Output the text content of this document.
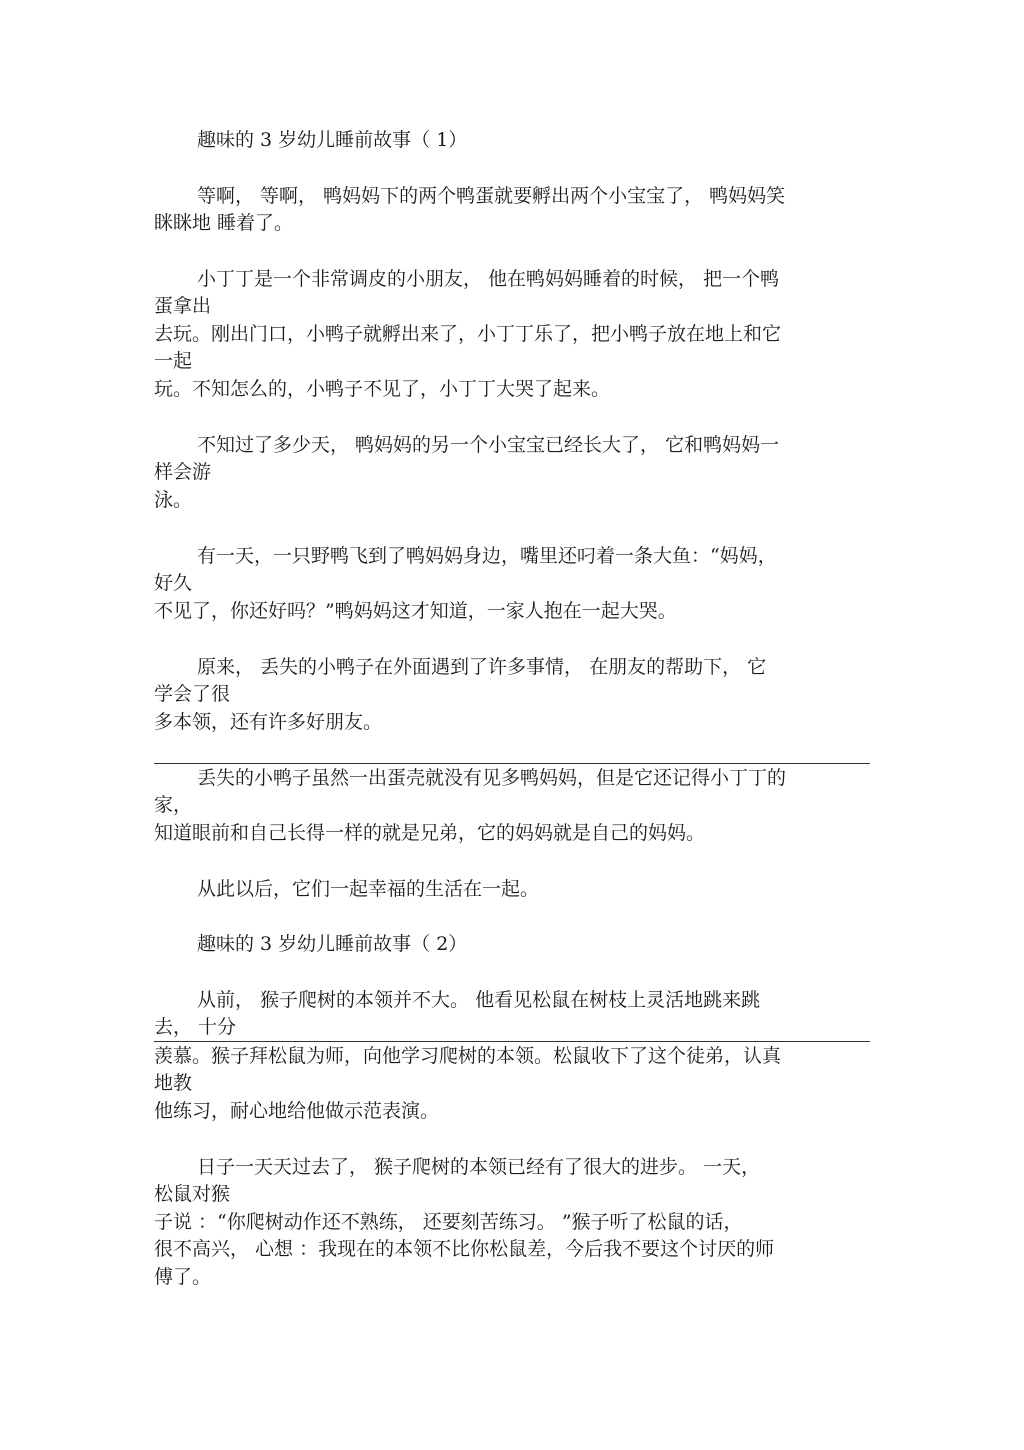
趣味的 3 岁幼儿睡前故事（ 1）
等啊， 等啊， 鸭妈妈下的两个鸭蛋就要孵出两个小宝宝了， 鸭妈妈笑
眯眯地 睡着了。
小丁丁是一个非常调皮的小朋友， 他在鸭妈妈睡着的时候， 把一个鸭
蛋拿出
去玩。刚出门口，小鸭子就孵出来了，小丁丁乐了，把小鸭子放在地上和它
一起
玩。不知怎么的，小鸭子不见了，小丁丁大哭了起来。
不知过了多少天， 鸭妈妈的另一个小宝宝已经长大了， 它和鸭妈妈一
样会游
泳。
有一天，一只野鸭飞到了鸭妈妈身边，嘴里还叼着一条大鱼：“妈妈，
好久
不见了，你还好吗？”鸭妈妈这才知道，一家人抱在一起大哭。
原来， 丢失的小鸭子在外面遇到了许多事情， 在朋友的帮助下， 它
学会了很
多本领，还有许多好朋友。
丢失的小鸭子虽然一出蛋壳就没有见多鸭妈妈，但是它还记得小丁丁的
家，
知道眼前和自己长得一样的就是兄弟，它的妈妈就是自己的妈妈。
从此以后，它们一起幸福的生活在一起。
趣味的 3 岁幼儿睡前故事（ 2）
从前， 猴子爬树的本领并不大。 他看见松鼠在树枝上灵活地跳来跳
去， 十分
羡慕。猴子拜松鼠为师，向他学习爬树的本领。松鼠收下了这个徒弟，认真
地教
他练习，耐心地给他做示范表演。
日子一天天过去了， 猴子爬树的本领已经有了很大的进步。 一天，
松鼠对猴
子说 ：“你爬树动作还不熟练， 还要刻苦练习。 ”猴子听了松鼠的话，
很不高兴， 心想 ：我现在的本领不比你松鼠差，今后我不要这个讨厌的师
傅了。
